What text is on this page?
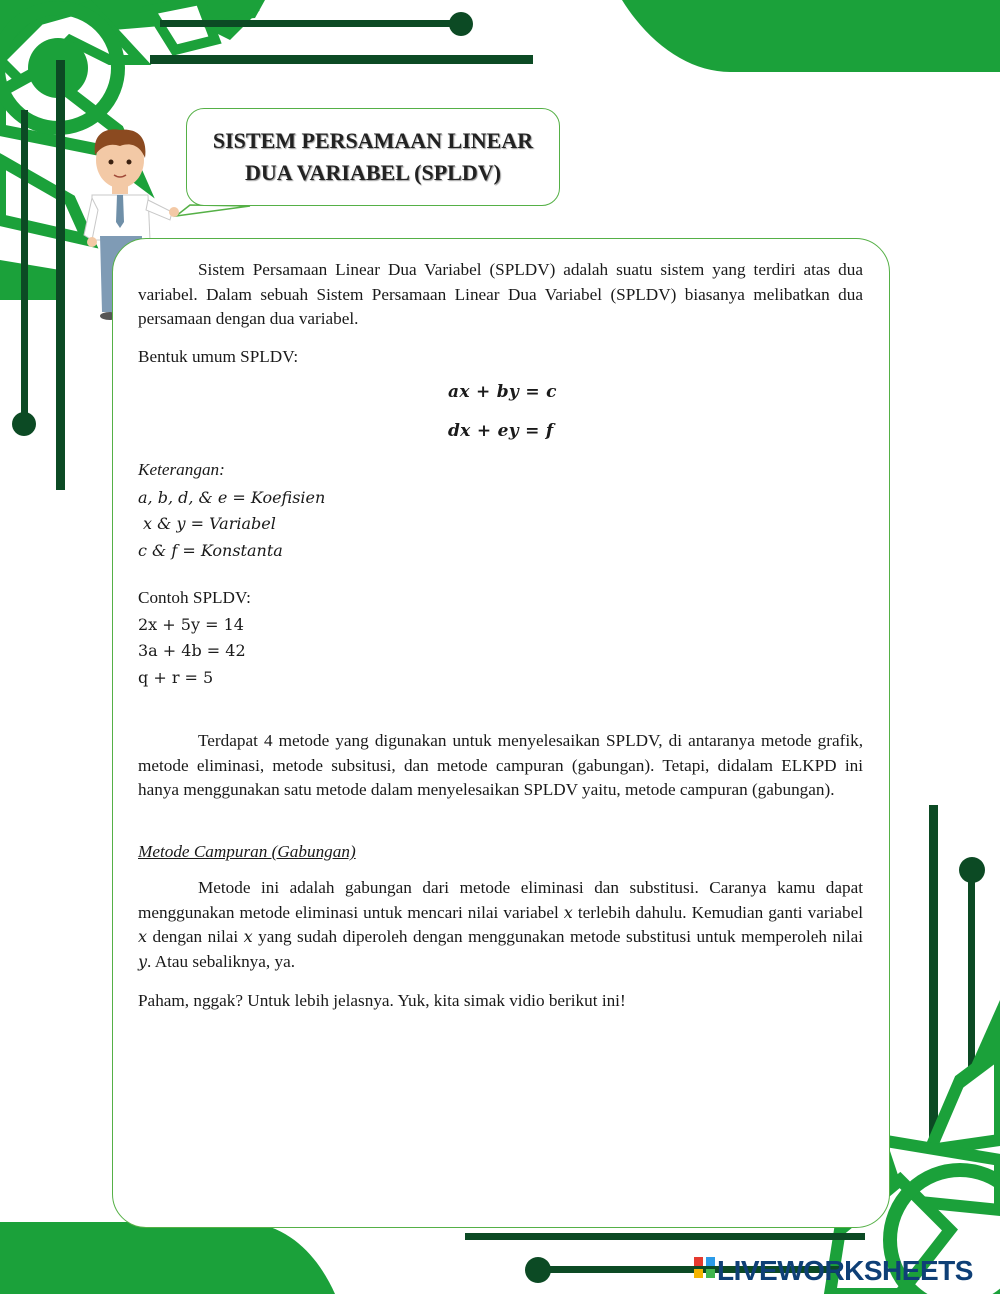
LIVEWORKSHEETS
SISTEM PERSAMAAN LINEAR
DUA VARIABEL (SPLDV)

Sistem Persamaan Linear Dua Variabel (SPLDV) adalah suatu sistem yang terdiri atas dua variabel. Dalam sebuah Sistem Persamaan Linear Dua Variabel (SPLDV) biasanya melibatkan dua persamaan dengan dua variabel.

Bentuk umum SPLDV:

ax + by = c
dx + ey = f
Keterangan:
a, b, d, & e = Koefisien
x & y = Variabel
c & f = Konstanta
Contoh SPLDV:
2x + 5y = 14
3a + 4b = 42
q + r = 5

Terdapat 4 metode yang digunakan untuk menyelesaikan SPLDV, di antaranya metode grafik, metode eliminasi, metode subsitusi, dan metode campuran (gabungan). Tetapi, didalam ELKPD ini hanya menggunakan satu metode dalam menyelesaikan SPLDV yaitu, metode campuran (gabungan).

Metode Campuran (Gabungan)

Metode ini adalah gabungan dari metode eliminasi dan substitusi. Caranya kamu dapat menggunakan metode eliminasi untuk mencari nilai variabel x terlebih dahulu. Kemudian ganti variabel x dengan nilai x yang sudah diperoleh dengan menggunakan metode substitusi untuk memperoleh nilai y. Atau sebaliknya, ya.

Paham, nggak? Untuk lebih jelasnya. Yuk, kita simak vidio berikut ini!
